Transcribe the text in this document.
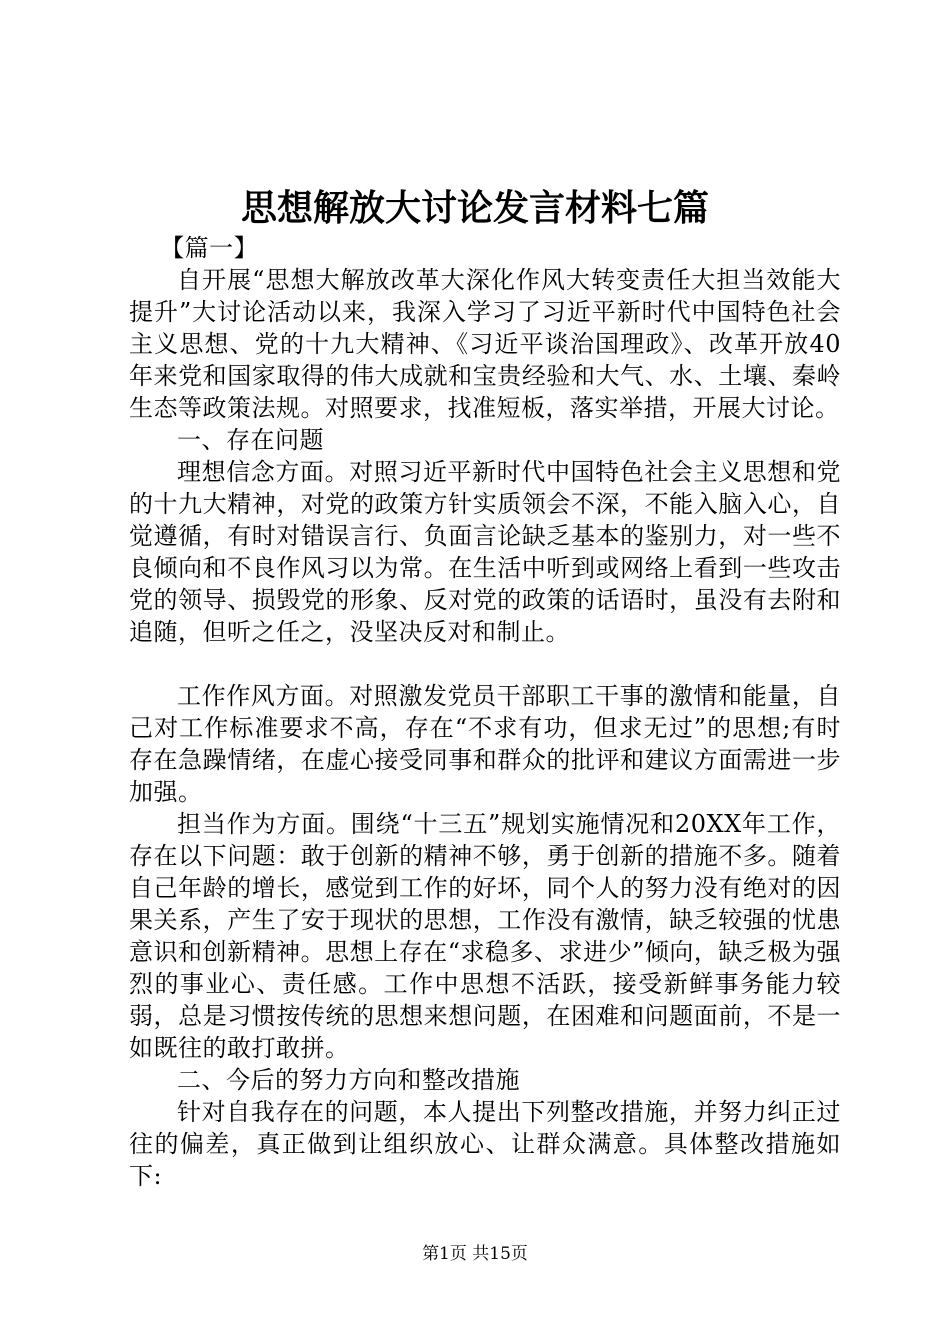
思想解放大讨论发言材料七篇

【篇一】

自开展“思想大解放改革大深化作风大转变责任大担当效能大提升”大讨论活动以来，我深入学习了习近平新时代中国特色社会主义思想、党的十九大精神、《习近平谈治国理政》、改革开放40年来党和国家取得的伟大成就和宝贵经验和大气、水、土壤、秦岭生态等政策法规。对照要求，找准短板，落实举措，开展大讨论。

一、存在问题

理想信念方面。对照习近平新时代中国特色社会主义思想和党的十九大精神，对党的政策方针实质领会不深，不能入脑入心，自觉遵循，有时对错误言行、负面言论缺乏基本的鉴别力，对一些不良倾向和不良作风习以为常。在生活中听到或网络上看到一些攻击党的领导、损毁党的形象、反对党的政策的话语时，虽没有去附和追随，但听之任之，没坚决反对和制止。

工作作风方面。对照激发党员干部职工干事的激情和能量，自己对工作标准要求不高，存在“不求有功，但求无过”的思想;有时存在急躁情绪，在虚心接受同事和群众的批评和建议方面需进一步加强。

担当作为方面。围绕“十三五”规划实施情况和20XX年工作，存在以下问题：敢于创新的精神不够，勇于创新的措施不多。随着自己年龄的增长，感觉到工作的好坏，同个人的努力没有绝对的因果关系，产生了安于现状的思想，工作没有激情，缺乏较强的忧患意识和创新精神。思想上存在“求稳多、求进少”倾向，缺乏极为强烈的事业心、责任感。工作中思想不活跃，接受新鲜事务能力较弱，总是习惯按传统的思想来想问题，在困难和问题面前，不是一如既往的敢打敢拼。

二、今后的努力方向和整改措施

针对自我存在的问题，本人提出下列整改措施，并努力纠正过往的偏差，真正做到让组织放心、让群众满意。具体整改措施如下:

第1页 共15页
